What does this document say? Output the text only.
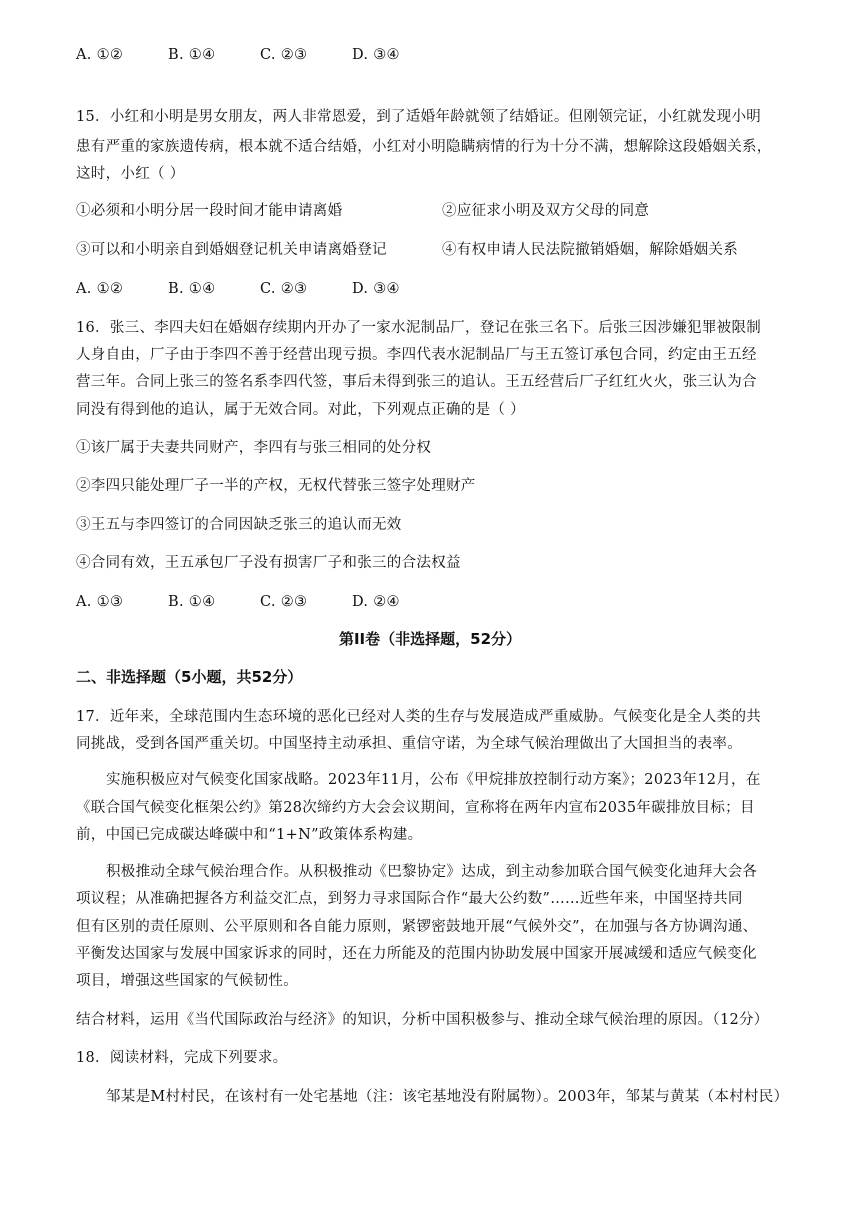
A. ①②	B. ①④	C. ②③	D. ③④
15．小红和小明是男女朋友，两人非常恩爱，到了适婚年龄就领了结婚证。但刚领完证，小红就发现小明
患有严重的家族遗传病，根本就不适合结婚，小红对小明隐瞒病情的行为十分不满，想解除这段婚姻关系，
这时，小红（ ）
①必须和小明分居一段时间才能申请离婚	②应征求小明及双方父母的同意
③可以和小明亲自到婚姻登记机关申请离婚登记	④有权申请人民法院撤销婚姻，解除婚姻关系
A. ①②	B. ①④	C. ②③	D. ③④
16．张三、李四夫妇在婚姻存续期内开办了一家水泥制品厂，登记在张三名下。后张三因涉嫌犯罪被限制
人身自由，厂子由于李四不善于经营出现亏损。李四代表水泥制品厂与王五签订承包合同，约定由王五经
营三年。合同上张三的签名系李四代签，事后未得到张三的追认。王五经营后厂子红红火火，张三认为合
同没有得到他的追认，属于无效合同。对此，下列观点正确的是（ ）
①该厂属于夫妻共同财产，李四有与张三相同的处分权
②李四只能处理厂子一半的产权，无权代替张三签字处理财产
③王五与李四签订的合同因缺乏张三的追认而无效
④合同有效，王五承包厂子没有损害厂子和张三的合法权益
A. ①③	B. ①④	C. ②③	D. ②④
第II卷（非选择题，52分）
二、非选择题（5小题，共52分）
17．近年来，全球范围内生态环境的恶化已经对人类的生存与发展造成严重威胁。气候变化是全人类的共
同挑战，受到各国严重关切。中国坚持主动承担、重信守诺，为全球气候治理做出了大国担当的表率。
实施积极应对气候变化国家战略。2023年11月，公布《甲烷排放控制行动方案》；2023年12月，在
《联合国气候变化框架公约》第28次缔约方大会会议期间，宣称将在两年内宣布2035年碳排放目标；目
前，中国已完成碳达峰碳中和“1+N”政策体系构建。
积极推动全球气候治理合作。从积极推动《巴黎协定》达成，到主动参加联合国气候变化迪拜大会各
项议程；从准确把握各方利益交汇点，到努力寻求国际合作“最大公约数”……近些年来，中国坚持共同
但有区别的责任原则、公平原则和各自能力原则，紧锣密鼓地开展“气候外交”，在加强与各方协调沟通、
平衡发达国家与发展中国家诉求的同时，还在力所能及的范围内协助发展中国家开展减缓和适应气候变化
项目，增强这些国家的气候韧性。
结合材料，运用《当代国际政治与经济》的知识，分析中国积极参与、推动全球气候治理的原因。（12分）
18．阅读材料，完成下列要求。
邹某是M村村民，在该村有一处宅基地（注：该宅基地没有附属物）。2003年，邹某与黄某（本村村民）
